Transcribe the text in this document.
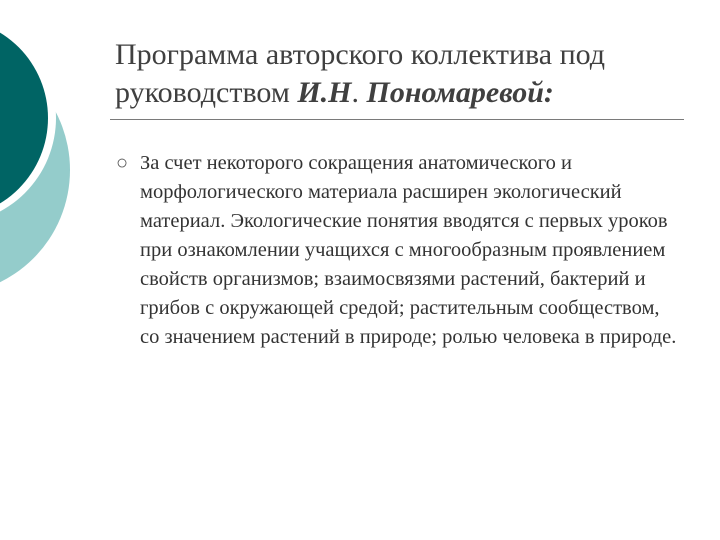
Программа авторского коллектива под руководством И.Н. Пономаревой:
○ За счет некоторого сокращения анатомического и морфологического материала расширен экологический материал. Экологические понятия вводятся с первых уроков при ознакомлении учащихся с многообразным проявлением свойств организмов; взаимосвязями растений, бактерий и грибов с окружающей средой; растительным сообществом, со значением растений в природе; ролью человека в природе.
